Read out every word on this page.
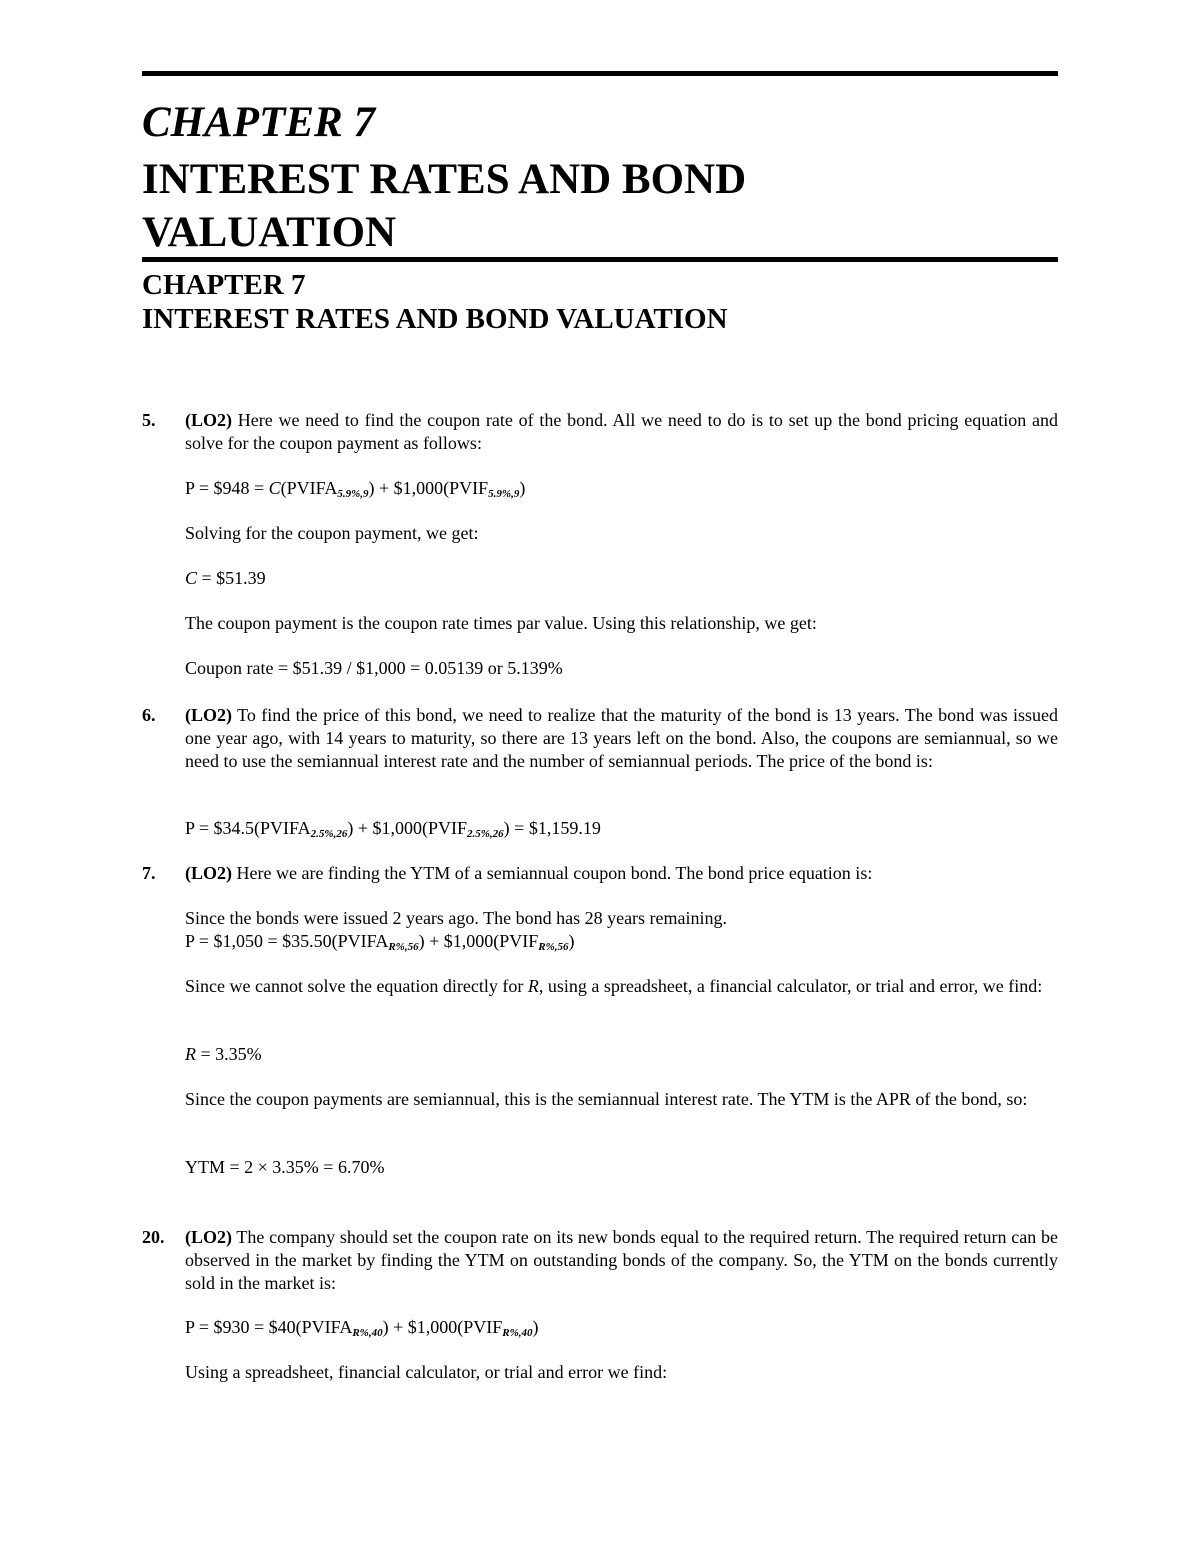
CHAPTER 7
INTEREST RATES AND BOND
VALUATION
CHAPTER 7
INTEREST RATES AND BOND VALUATION
5. (LO2) Here we need to find the coupon rate of the bond. All we need to do is to set up the bond pricing equation and solve for the coupon payment as follows:
P = $948 = $C(PVIFA_{5.9\%,9})$ + $\$1,000(PVIF_{5.9\%,9})$
Solving for the coupon payment, we get:
C = $51.39
The coupon payment is the coupon rate times par value. Using this relationship, we get:
Coupon rate = $51.39 / $1,000 = 0.05139 or 5.139%
6. (LO2) To find the price of this bond, we need to realize that the maturity of the bond is 13 years. The bond was issued one year ago, with 14 years to maturity, so there are 13 years left on the bond. Also, the coupons are semiannual, so we need to use the semiannual interest rate and the number of semiannual periods. The price of the bond is:
$P = \$34.5(PVIFA_{2.5\%,26})$ + $\$1,000(PVIF_{2.5\%,26})$ = $1,159.19
7. (LO2) Here we are finding the YTM of a semiannual coupon bond. The bond price equation is:
Since the bonds were issued 2 years ago. The bond has 28 years remaining.
P = $1,050 = $\$35.50(PVIFA_{R\%,56})$ + $\$1,000(PVIF_{R\%,56})$
Since we cannot solve the equation directly for R, using a spreadsheet, a financial calculator, or trial and error, we find:
R = 3.35%
Since the coupon payments are semiannual, this is the semiannual interest rate. The YTM is the APR of the bond, so:
YTM = 2 × 3.35% = 6.70%
20. (LO2) The company should set the coupon rate on its new bonds equal to the required return. The required return can be observed in the market by finding the YTM on outstanding bonds of the company. So, the YTM on the bonds currently sold in the market is:
P = $930 = $\$40(PVIFA_{R\%,40})$ + $\$1,000(PVIF_{R\%,40})$
Using a spreadsheet, financial calculator, or trial and error we find:
